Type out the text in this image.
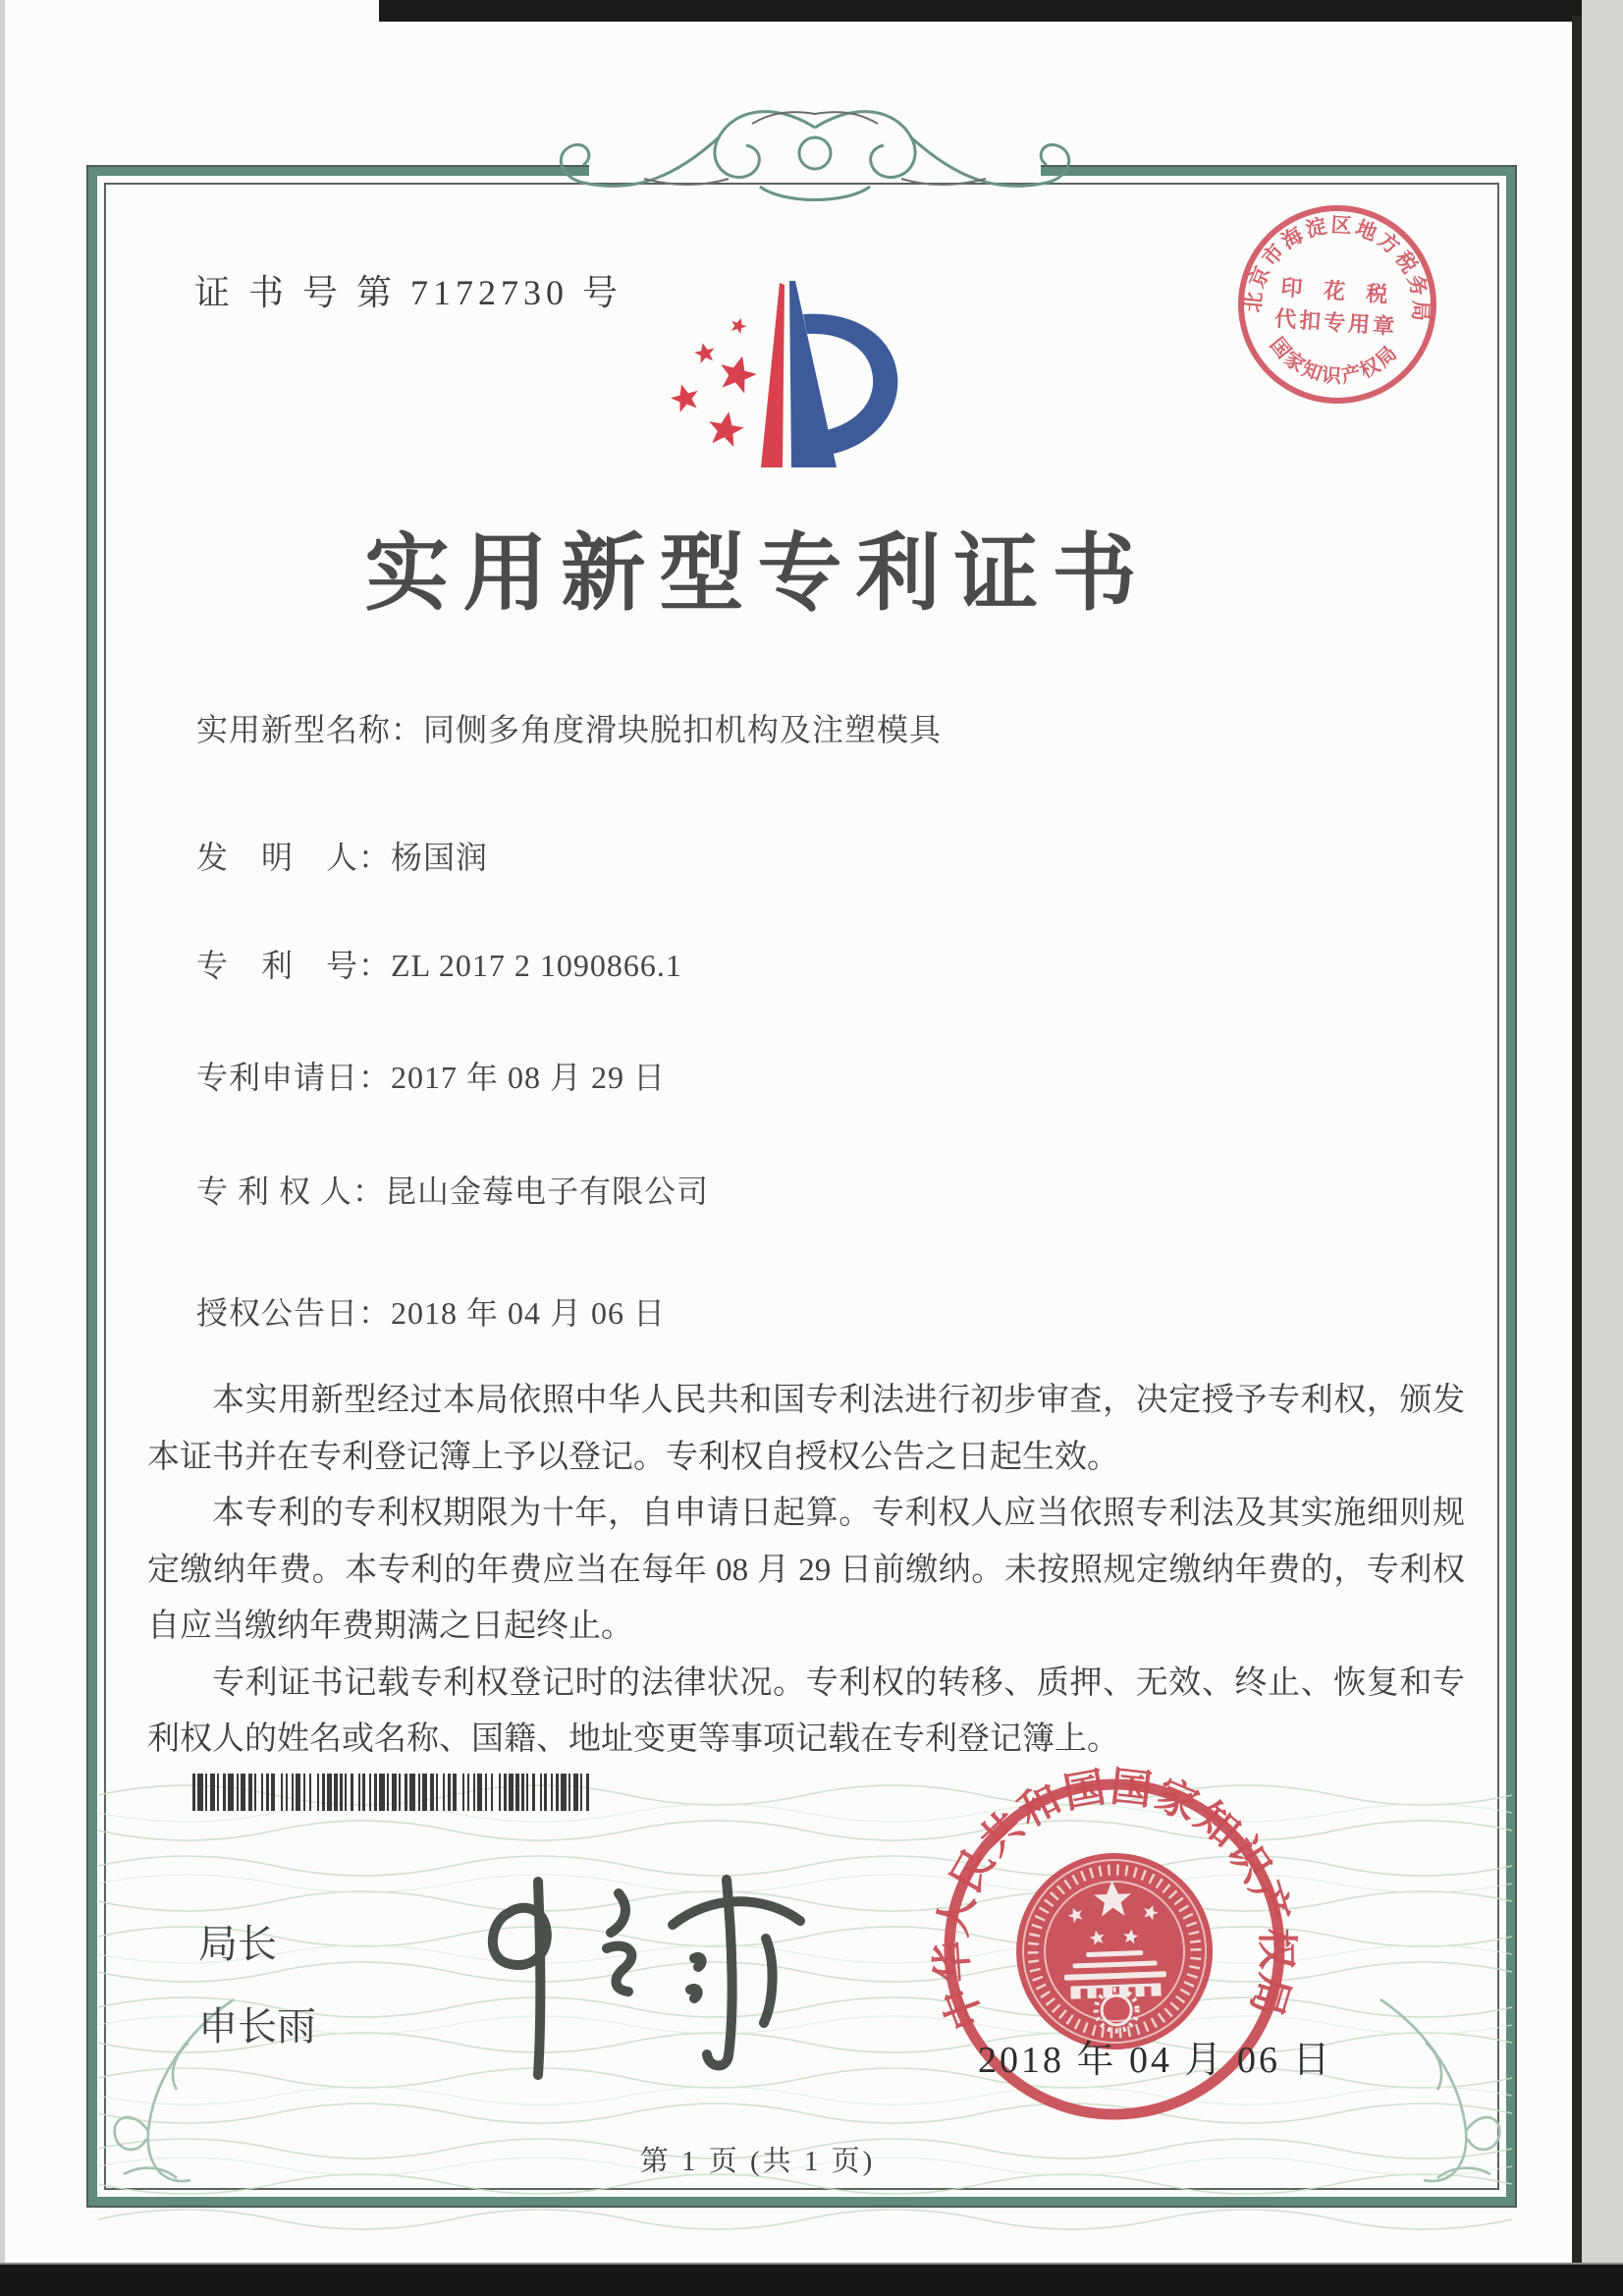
证 书 号 第 7172730 号
实用新型专利证书
实用新型名称：同侧多角度滑块脱扣机构及注塑模具
发　明　人：杨国润
专　利　号：ZL 2017 2 1090866.1
专利申请日：2017 年 08 月 29 日
专 利 权 人：昆山金莓电子有限公司
授权公告日：2018 年 04 月 06 日

本实用新型经过本局依照中华人民共和国专利法进行初步审查，决定授予专利权，颁发本证书并在专利登记簿上予以登记。专利权自授权公告之日起生效。

本专利的专利权期限为十年，自申请日起算。专利权人应当依照专利法及其实施细则规定缴纳年费。本专利的年费应当在每年 08 月 29 日前缴纳。未按照规定缴纳年费的，专利权自应当缴纳年费期满之日起终止。

专利证书记载专利权登记时的法律状况。专利权的转移、质押、无效、终止、恢复和专利权人的姓名或名称、国籍、地址变更等事项记载在专利登记簿上。

局长
申长雨	中华人民共和国国家知识产权局
2018 年 04 月 06 日
北京市海淀区地方税务局
印 花 税
代扣专用章
国家知识产权局
第 1 页 (共 1 页)
